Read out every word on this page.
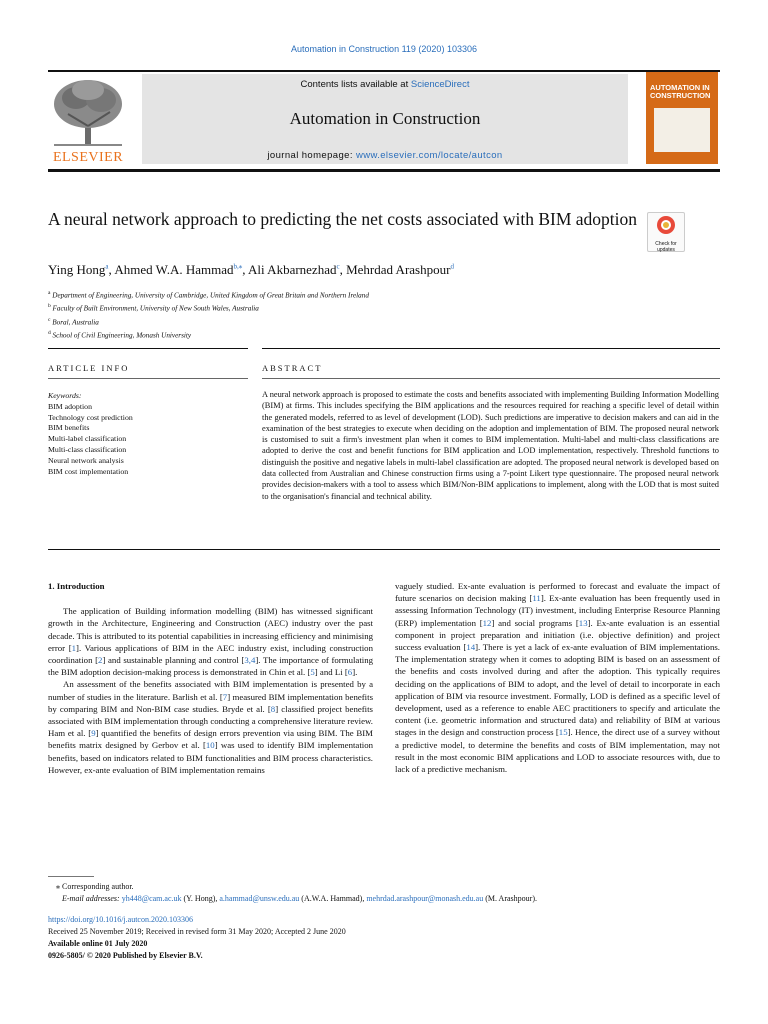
Automation in Construction 119 (2020) 103306
ELSEVIER
Contents lists available at ScienceDirect
Automation in Construction
journal homepage: www.elsevier.com/locate/autcon
AUTOMATION IN CONSTRUCTION
A neural network approach to predicting the net costs associated with BIM adoption
Check for updates
Ying Hong$^a$, Ahmed W.A. Hammad$^{b,⁎}$, Ali Akbarnezhad$^c$, Mehrdad Arashpour$^d$
$^a$ Department of Engineering, University of Cambridge, United Kingdom of Great Britain and Northern Ireland
$^b$ Faculty of Built Environment, University of New South Wales, Australia
$^c$ Boral, Australia
$^d$ School of Civil Engineering, Monash University
ARTICLE INFO	ABSTRACT
Keywords:
BIM adoption
Technology cost prediction
BIM benefits
Multi-label classification
Multi-class classification
Neural network analysis
BIM cost implementation
A neural network approach is proposed to estimate the costs and benefits associated with implementing Building Information Modelling (BIM) at firms. This includes specifying the BIM applications and the resources required for reaching a specific level of detail within the generated models, referred to as level of development (LOD). Such predictions are imperative to decision makers and can aid in the examination of the best strategies to execute when deciding on the adoption and implementation of BIM. The proposed neural network is customised to suit a firm's investment plan when it comes to BIM implementation. Multi-label and multi-class classifications are adopted to derive the cost and benefit functions for BIM application and LOD implementation, respectively. Threshold functions to distinguish the positive and negative labels in multi-label classification are adopted. The proposed neural network is developed based on data collected from Australian and Chinese construction firms using a 7-point Likert type questionnaire. The proposed neural network provides decision-makers with a tool to assess which BIM/Non-BIM applications to implement, along with the LOD that is most suited to the organisation's financial and technical ability.
1. Introduction

The application of Building information modelling (BIM) has witnessed significant growth in the Architecture, Engineering and Construction (AEC) industry over the past decade. This is attributed to its potential capabilities in increasing efficiency and minimising error [1]. Various applications of BIM in the AEC industry exist, including construction coordination [2] and sustainable planning and control [3,4]. The importance of formulating the BIM adoption decision-making process is demonstrated in Chin et al. [5] and Li [6].

An assessment of the benefits associated with BIM implementation is presented by a number of studies in the literature. Barlish et al. [7] measured BIM implementation benefits by comparing BIM and Non-BIM case studies. Bryde et al. [8] classified project benefits associated with BIM implementation through conducting a comprehensive literature review. Ham et al. [9] quantified the benefits of design errors prevention via using BIM. The BIM benefits matrix designed by Gerbov et al. [10] was used to identify BIM implementation benefits, based on indicators related to BIM functionalities and BIM process characteristics. However, ex-ante evaluation of BIM implementation remains

vaguely studied. Ex-ante evaluation is performed to forecast and evaluate the impact of future scenarios on decision making [11]. Ex-ante evaluation has been frequently used in assessing Information Technology (IT) investment, including Enterprise Resource Planning (ERP) implementation [12] and social programs [13]. Ex-ante evaluation is an essential component in project preparation and initiation (i.e. objective definition) and project success evaluation [14]. There is yet a lack of ex-ante evaluation of BIM implementations. The implementation strategy when it comes to adopting BIM is based on an assessment of the benefits and costs involved during and after the adoption. This typically requires deciding on the applications of BIM to adopt, and the level of detail to incorporate in each application of BIM via resource investment. Formally, LOD is defined as a specific level of development, used as a reference to enable AEC practitioners to specify and articulate the content (i.e. geometric information and structured data) and reliability of BIM at various stages in the design and construction process [15]. Hence, the direct use of a survey without a predictive model, to determine the benefits and costs of BIM implementation, may not result in the most economic BIM applications and LOD to associate resources with, due to lack of a predictive mechanism.

⁎ Corresponding author.
E-mail addresses: yh448@cam.ac.uk (Y. Hong), a.hammad@unsw.edu.au (A.W.A. Hammad), mehrdad.arashpour@monash.edu.au (M. Arashpour).
https://doi.org/10.1016/j.autcon.2020.103306
Received 25 November 2019; Received in revised form 31 May 2020; Accepted 2 June 2020
Available online 01 July 2020
0926-5805/ © 2020 Published by Elsevier B.V.
